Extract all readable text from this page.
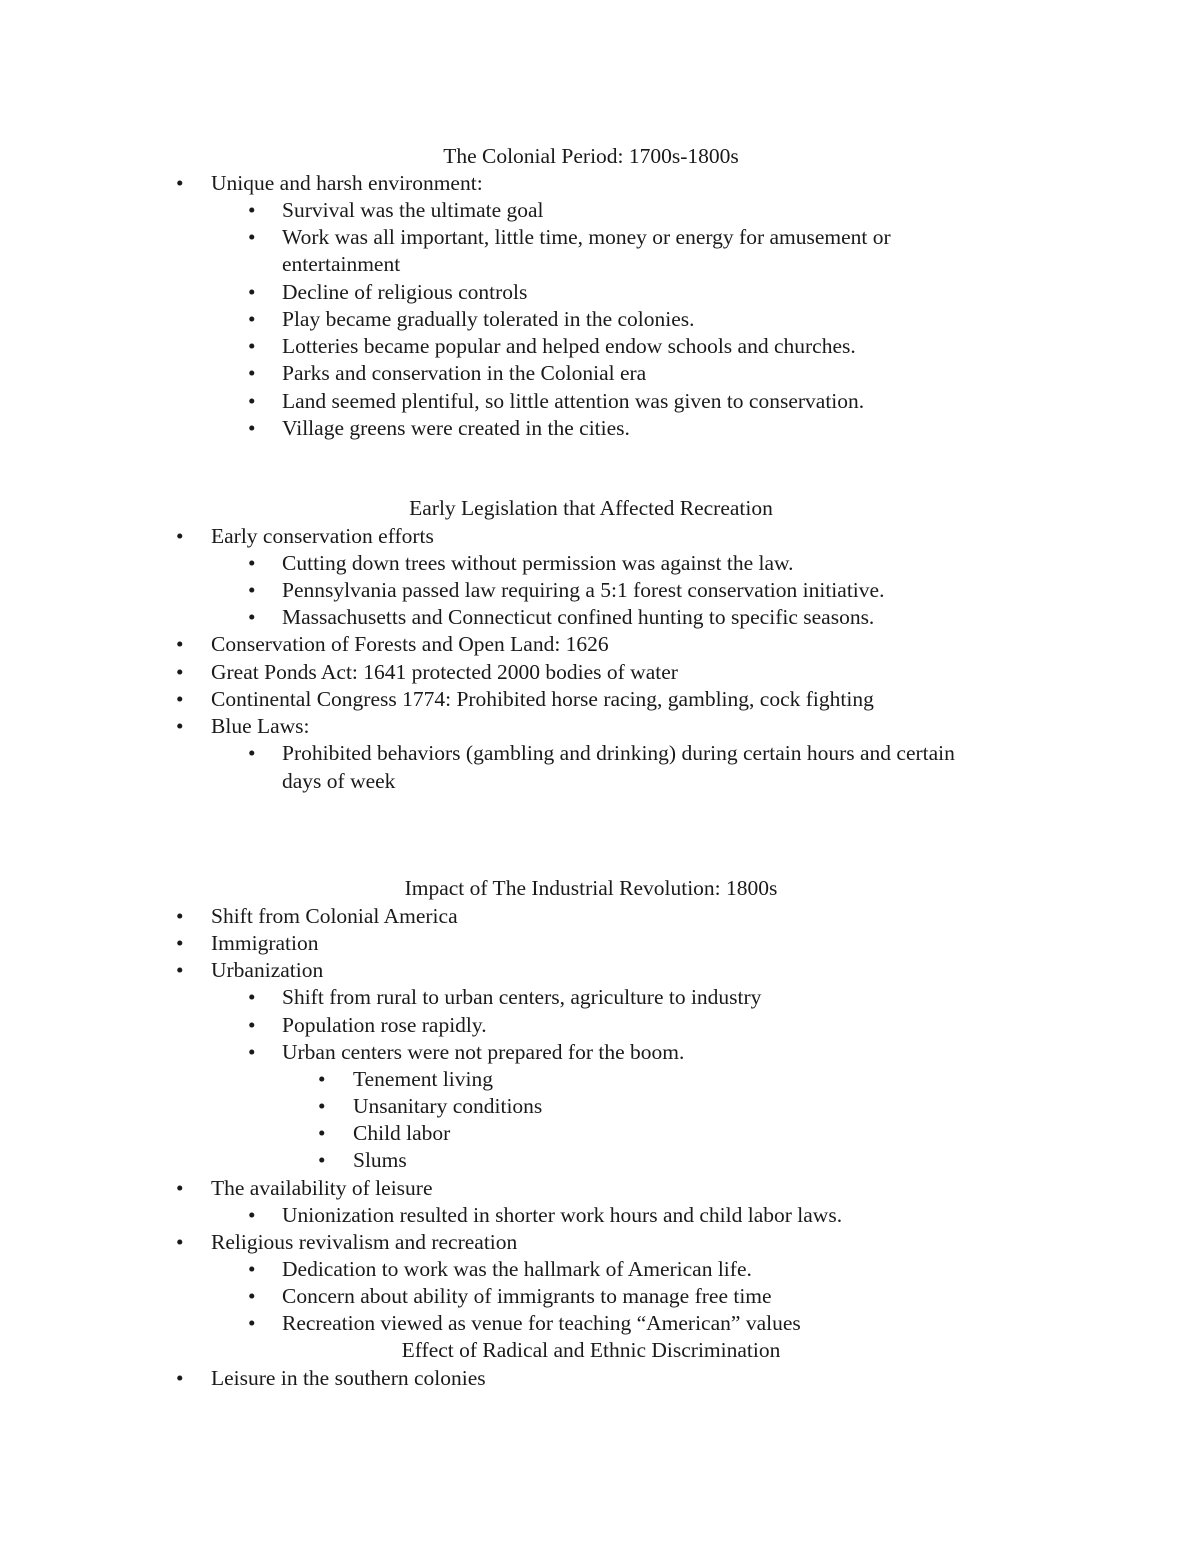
The Colonial Period: 1700s-1800s
•	Unique and harsh environment:
•	Survival was the ultimate goal
•	Work was all important, little time, money or energy for amusement or
entertainment
•	Decline of religious controls
•	Play became gradually tolerated in the colonies.
•	Lotteries became popular and helped endow schools and churches.
•	Parks and conservation in the Colonial era
•	Land seemed plentiful, so little attention was given to conservation.
•	Village greens were created in the cities.
Early Legislation that Affected Recreation
•	Early conservation efforts
•	Cutting down trees without permission was against the law.
•	Pennsylvania passed law requiring a 5:1 forest conservation initiative.
•	Massachusetts and Connecticut confined hunting to specific seasons.
•	Conservation of Forests and Open Land: 1626
•	Great Ponds Act: 1641 protected 2000 bodies of water
•	Continental Congress 1774: Prohibited horse racing, gambling, cock fighting
•	Blue Laws:
•	Prohibited behaviors (gambling and drinking) during certain hours and certain
days of week
Impact of The Industrial Revolution: 1800s
•	Shift from Colonial America
•	Immigration
•	Urbanization
•	Shift from rural to urban centers, agriculture to industry
•	Population rose rapidly.
•	Urban centers were not prepared for the boom.
•	Tenement living
•	Unsanitary conditions
•	Child labor
•	Slums
•	The availability of leisure
•	Unionization resulted in shorter work hours and child labor laws.
•	Religious revivalism and recreation
•	Dedication to work was the hallmark of American life.
•	Concern about ability of immigrants to manage free time
•	Recreation viewed as venue for teaching “American” values
Effect of Radical and Ethnic Discrimination
•	Leisure in the southern colonies
